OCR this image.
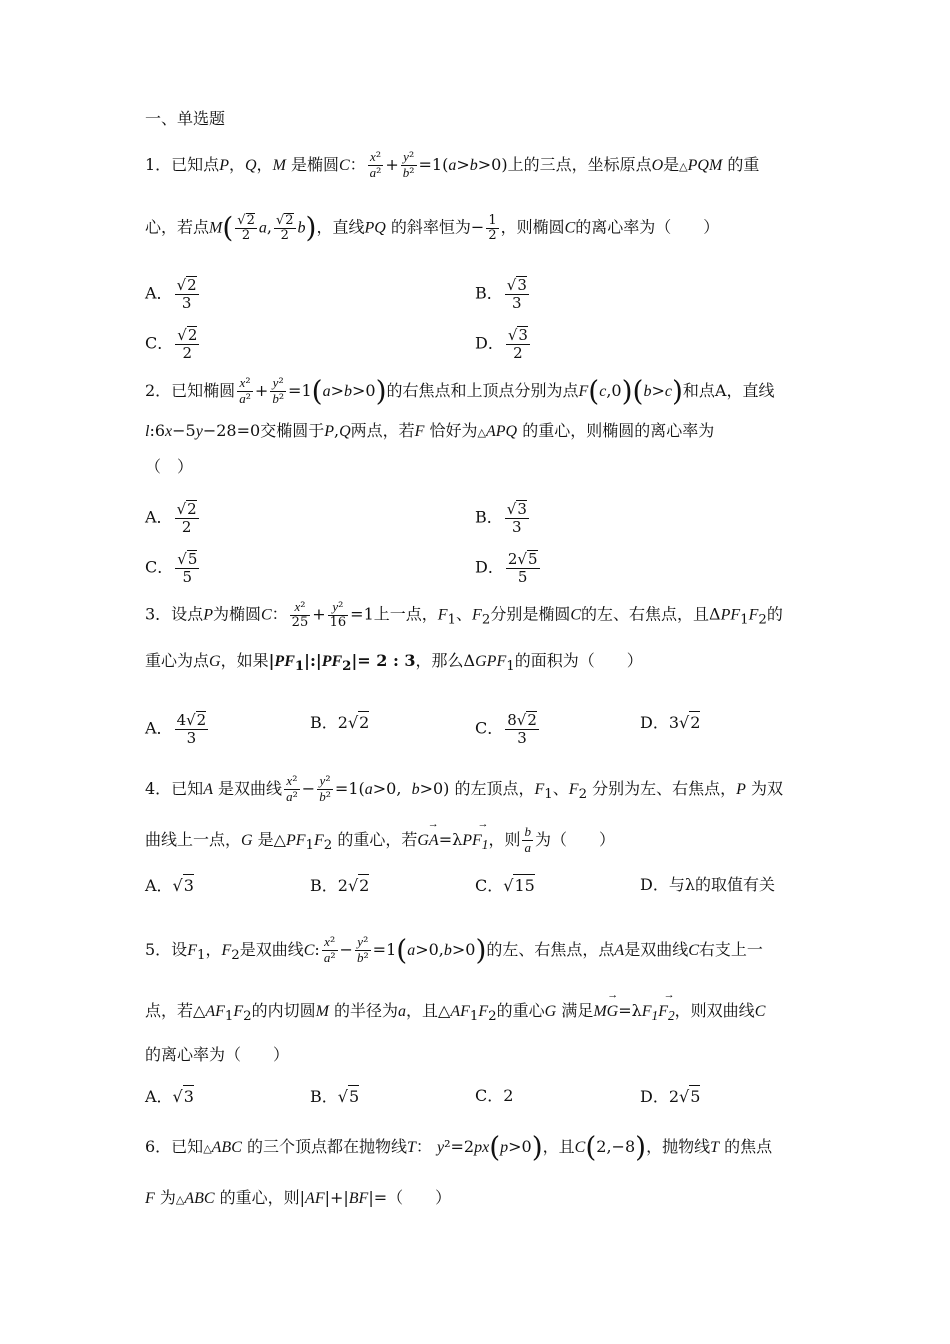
一、单选题
1．已知点P，Q，M 是椭圆C： $\frac{\text{x²}}{\text{a²}} + \frac{\text{y²}}{\text{b²}} =1(a>b>0)$上的三点，坐标原点O是△PQM 的重
心，若点$M( \frac{√2}{2} a$, $\frac{√2}{2} b$)，直线PQ 的斜率恒为− $\frac{1}{2}$ ，则椭圆C的离心率为（　　）
A． $\frac{√2}{3}$	B． $\frac{√3}{3}$
C． $\frac{√2}{2}$	D． $\frac{√3}{2}$
2．已知椭圆 $\frac{\text{x²}}{\text{a²}} + \frac{\text{y²}}{\text{b²}} =1(a>b>0)$的右焦点和上顶点分别为点F(c,0)(b>c)和点A，直线
l:6x−5y−28=0交椭圆于P,Q两点，若F 恰好为△APQ 的重心，则椭圆的离心率为
（　）
A． $\frac{√2}{2}$	B． $\frac{√3}{3}$
C． $\frac{√5}{5}$	D． $\frac{2√5}{5}$
3．设点P为椭圆C： $\frac{\text{x²}}{25} + \frac{\text{y²}}{16} =1$上一点，$F_1$、$F_2$分别是椭圆C的左、右焦点，且$\Delta PF_1F_2$的
重心为点G，如果$|PF_1|:|PF_2|= 2$ : 3，那么$\Delta GPF_1$的面积为（　　）
A． $\frac{4√2}{3}$	B．2√2	C． $\frac{8√2}{3}$	D．3√2
4．已知A 是双曲线 $\frac{\text{x²}}{\text{a²}} - \frac{\text{y²}}{\text{b²}} =1(a>0$,  b>0) 的左顶点，$F_1$、$F_2$ 分别为左、右焦点，P 为双
曲线上一点，G 是$\triangle PF_1F_2$ 的重心，若→ $GA=\lambda\to PF_1$，则 $\frac{b}{a}$ 为（　　）
A．√3	B．2√2	C．√15	D．与λ的取值有关
5．设$F_1$，$F_2$是双曲线C: $\frac{\text{x²}}{\text{a²}} - \frac{\text{y²}}{\text{b²}} =1(a>0,b>0)$的左、右焦点，点A是双曲线C右支上一
点，若$\triangle AF_1F_2$的内切圆M 的半径为a，且$\triangle AF_1F_2$的重心G 满足→ $MG=\lambda\to F_1F_2$，则双曲线C
的离心率为（　　）
A．√3	B．√5	C．2	D．2√5
6．已知△ABC 的三个顶点都在抛物线T： y²=2px(p>0)，且C(2,−8)，抛物线T 的焦点
F 为△ABC 的重心，则|AF|+|BF|=（　　）
